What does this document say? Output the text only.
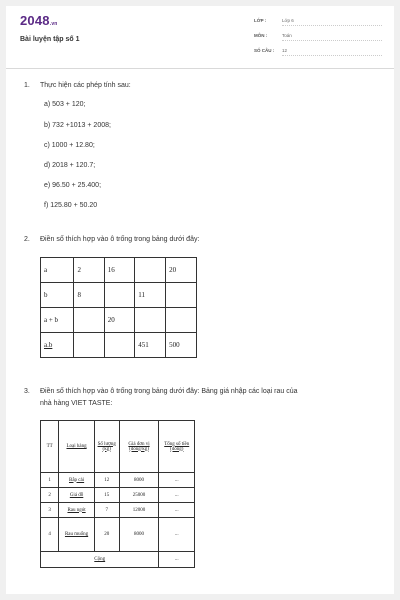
2048.vn
Bài luyện tập số 1
LỚP :	Lớp 6
MÔN :	Toán
SỐ CÂU : 12
1. Thực hiện các phép tính sau:
a) 503 + 120;
b) 732 +1013 + 2008;
c) 1000 + 12.80;
d) 2018 + 120.7;
e) 96.50 + 25.400;
f) 125.80 + 50.20
2. Điền số thích hợp vào ô trống trong bảng dưới đây:
a	2	16		20
b	8		11	
a + b		20		
a.b			451	500
3. Điền số thích hợp vào ô trống trong bảng dưới đây: Bảng giá nhập các loại rau của
nhà hàng VIET TASTE:
TT	Loại hàng	Số lượng (kg)	Giá đơn vị (đồng/kg)	Tổng số tiền (đồng)
1	Bắp cải	12	8000	...
2	Giá đỗ	15	25000	...
3	Rau ngót	7	12000	...
4	Rau muống	20	8000	...
Cộng				...
